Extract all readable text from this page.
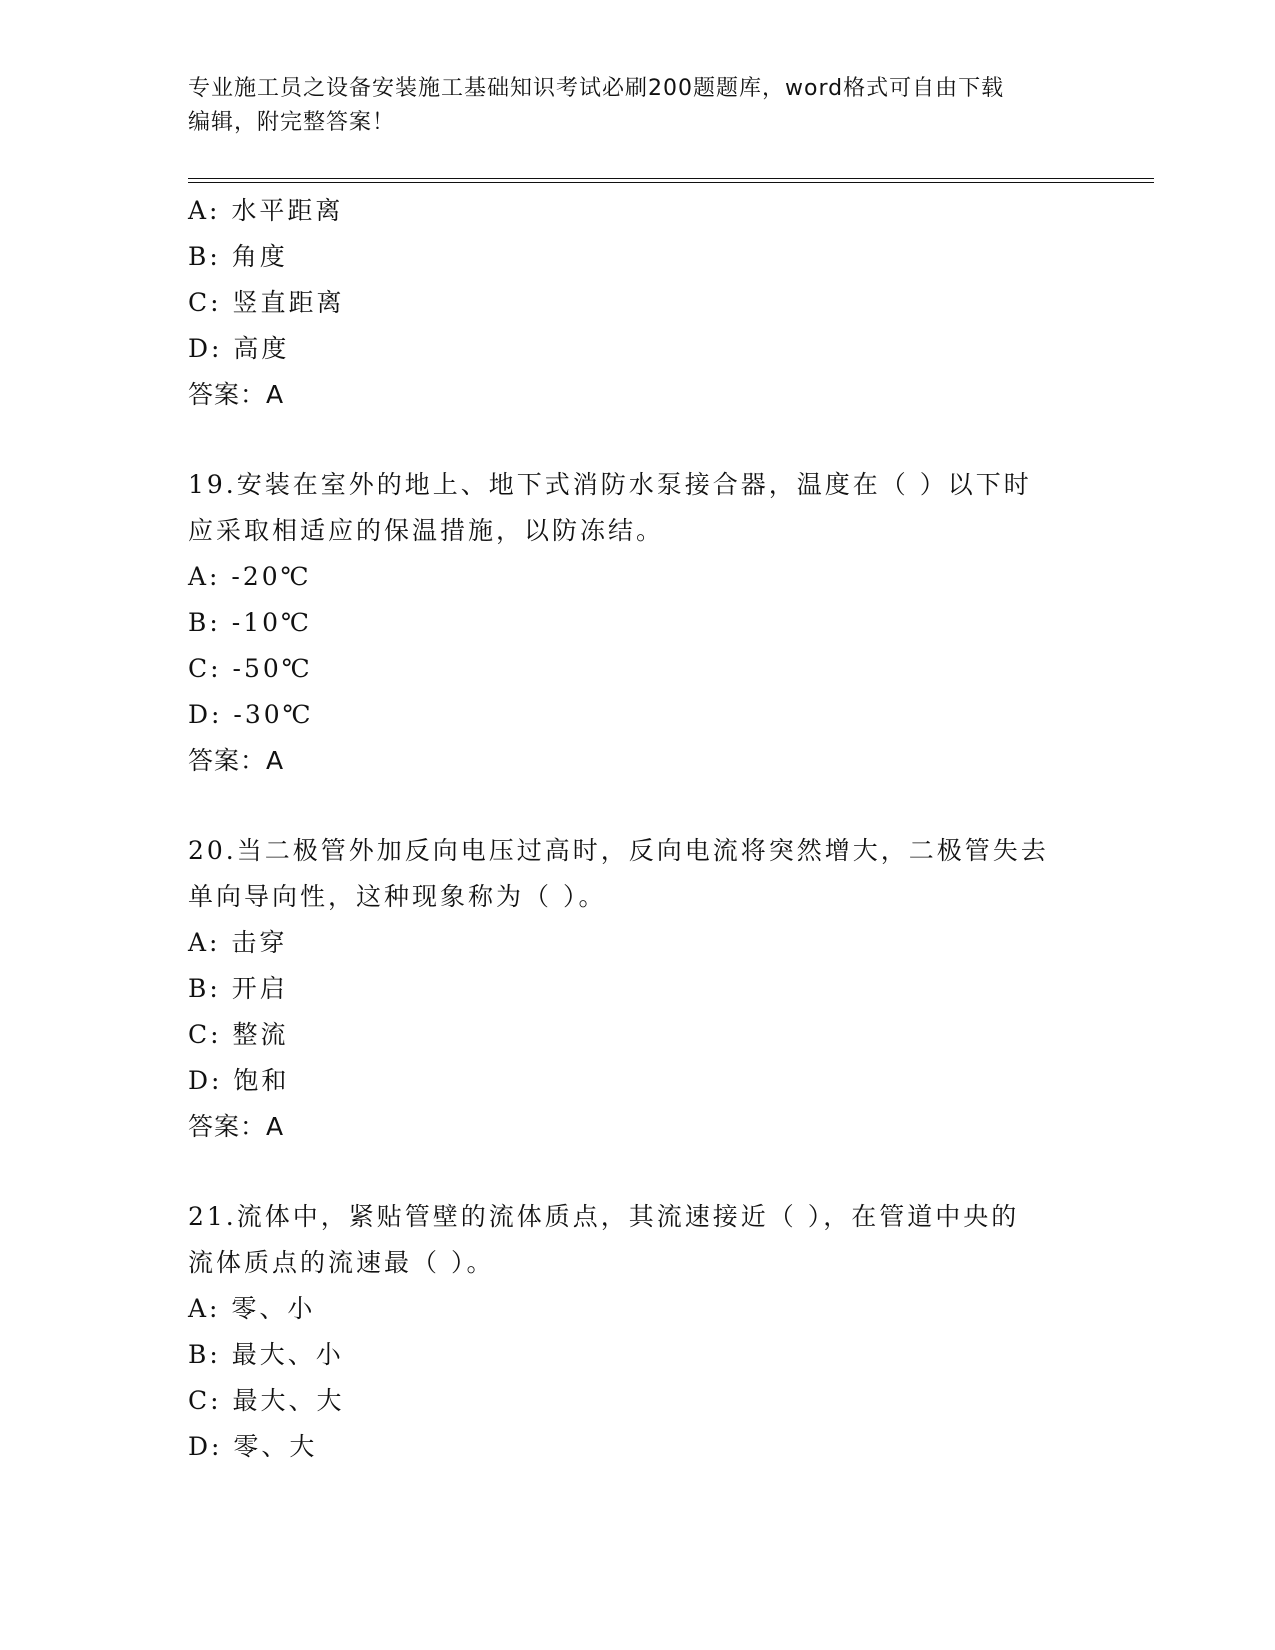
专业施工员之设备安装施工基础知识考试必刷200题题库，word格式可自由下载
编辑，附完整答案！
A: 水平距离
B: 角度
C: 竖直距离
D: 高度
答案：A
19.安装在室外的地上、地下式消防水泵接合器，温度在（ ）以下时
应采取相适应的保温措施，以防冻结。
A: -20℃
B: -10℃
C: -50℃
D: -30℃
答案：A
20.当二极管外加反向电压过高时，反向电流将突然增大，二极管失去
单向导向性，这种现象称为（ ）。
A: 击穿
B: 开启
C: 整流
D: 饱和
答案：A
21.流体中，紧贴管壁的流体质点，其流速接近（ ），在管道中央的
流体质点的流速最（ ）。
A: 零、小
B: 最大、小
C: 最大、大
D: 零、大
